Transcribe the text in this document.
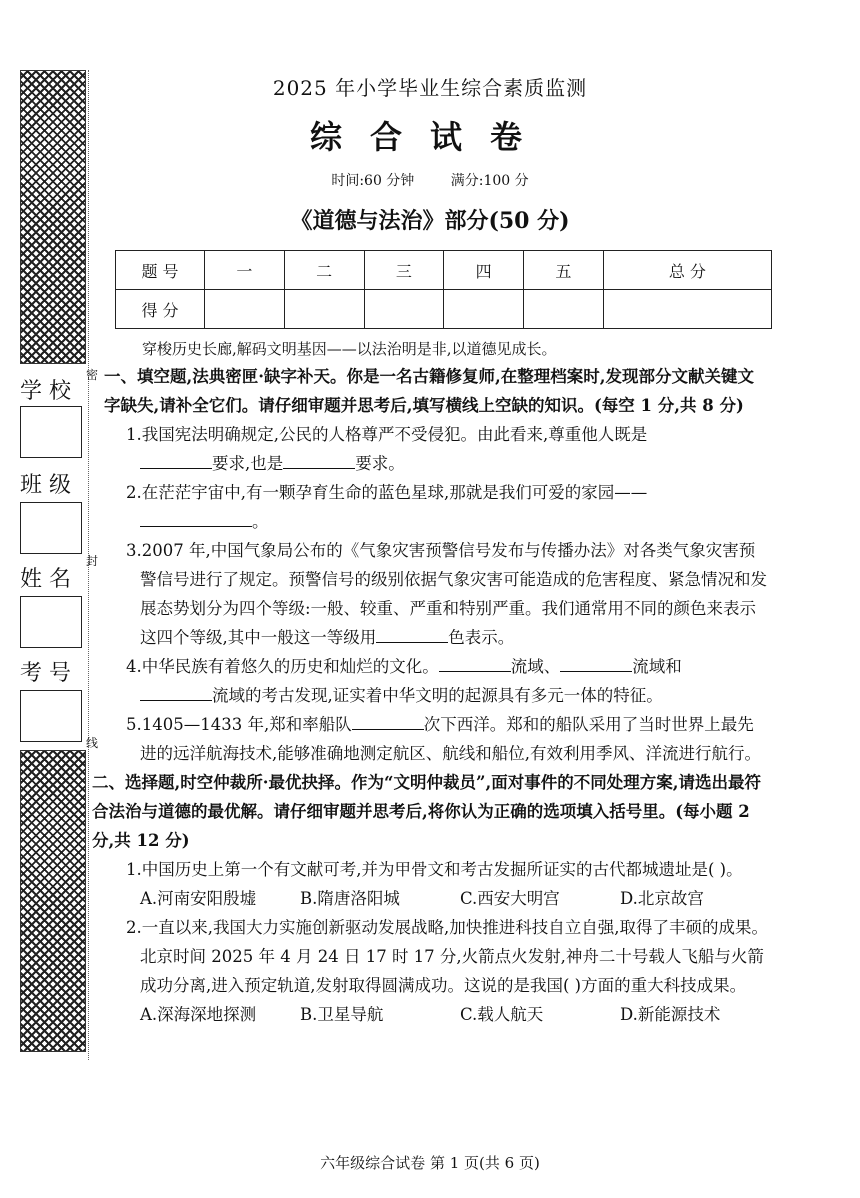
密
封
线
学 校
班 级
姓 名
考 号
2025 年小学毕业生综合素质监测
综合试卷
时间:60 分钟	满分:100 分
《道德与法治》部分(50 分)
题 号	一	二	三	四	五	总 分
得 分						
穿梭历史长廊,解码文明基因——以法治明是非,以道德见成长。
一、填空题,法典密匣·缺字补天。你是一名古籍修复师,在整理档案时,发现部分文献关键文字缺失,请补全它们。请仔细审题并思考后,填写横线上空缺的知识。(每空 1 分,共 8 分)
1.我国宪法明确规定,公民的人格尊严不受侵犯。由此看来,尊重他人既是
要求,也是	要求。
2.在茫茫宇宙中,有一颗孕育生命的蓝色星球,那就是我们可爱的家园——
。
3.2007 年,中国气象局公布的《气象灾害预警信号发布与传播办法》对各类气象灾害预警信号进行了规定。预警信号的级别依据气象灾害可能造成的危害程度、紧急情况和发展态势划分为四个等级:一般、较重、严重和特别严重。我们通常用不同的颜色来表示这四个等级,其中一般这一等级用	色表示。
4.中华民族有着悠久的历史和灿烂的文化。	流域、	流域和
流域的考古发现,证实着中华文明的起源具有多元一体的特征。
5.1405—1433 年,郑和率船队	次下西洋。郑和的船队采用了当时世界上最先进的远洋航海技术,能够准确地测定航区、航线和船位,有效利用季风、洋流进行航行。
二、选择题,时空仲裁所·最优抉择。作为“文明仲裁员”,面对事件的不同处理方案,请选出最符合法治与道德的最优解。请仔细审题并思考后,将你认为正确的选项填入括号里。(每小题 2 分,共 12 分)
1.中国历史上第一个有文献可考,并为甲骨文和考古发掘所证实的古代都城遗址是( )。
A.河南安阳殷墟	B.隋唐洛阳城	C.西安大明宫	D.北京故宫
2.一直以来,我国大力实施创新驱动发展战略,加快推进科技自立自强,取得了丰硕的成果。北京时间 2025 年 4 月 24 日 17 时 17 分,火箭点火发射,神舟二十号载人飞船与火箭成功分离,进入预定轨道,发射取得圆满成功。这说的是我国( )方面的重大科技成果。
A.深海深地探测	B.卫星导航	C.载人航天	D.新能源技术
六年级综合试卷 第 1 页(共 6 页)
